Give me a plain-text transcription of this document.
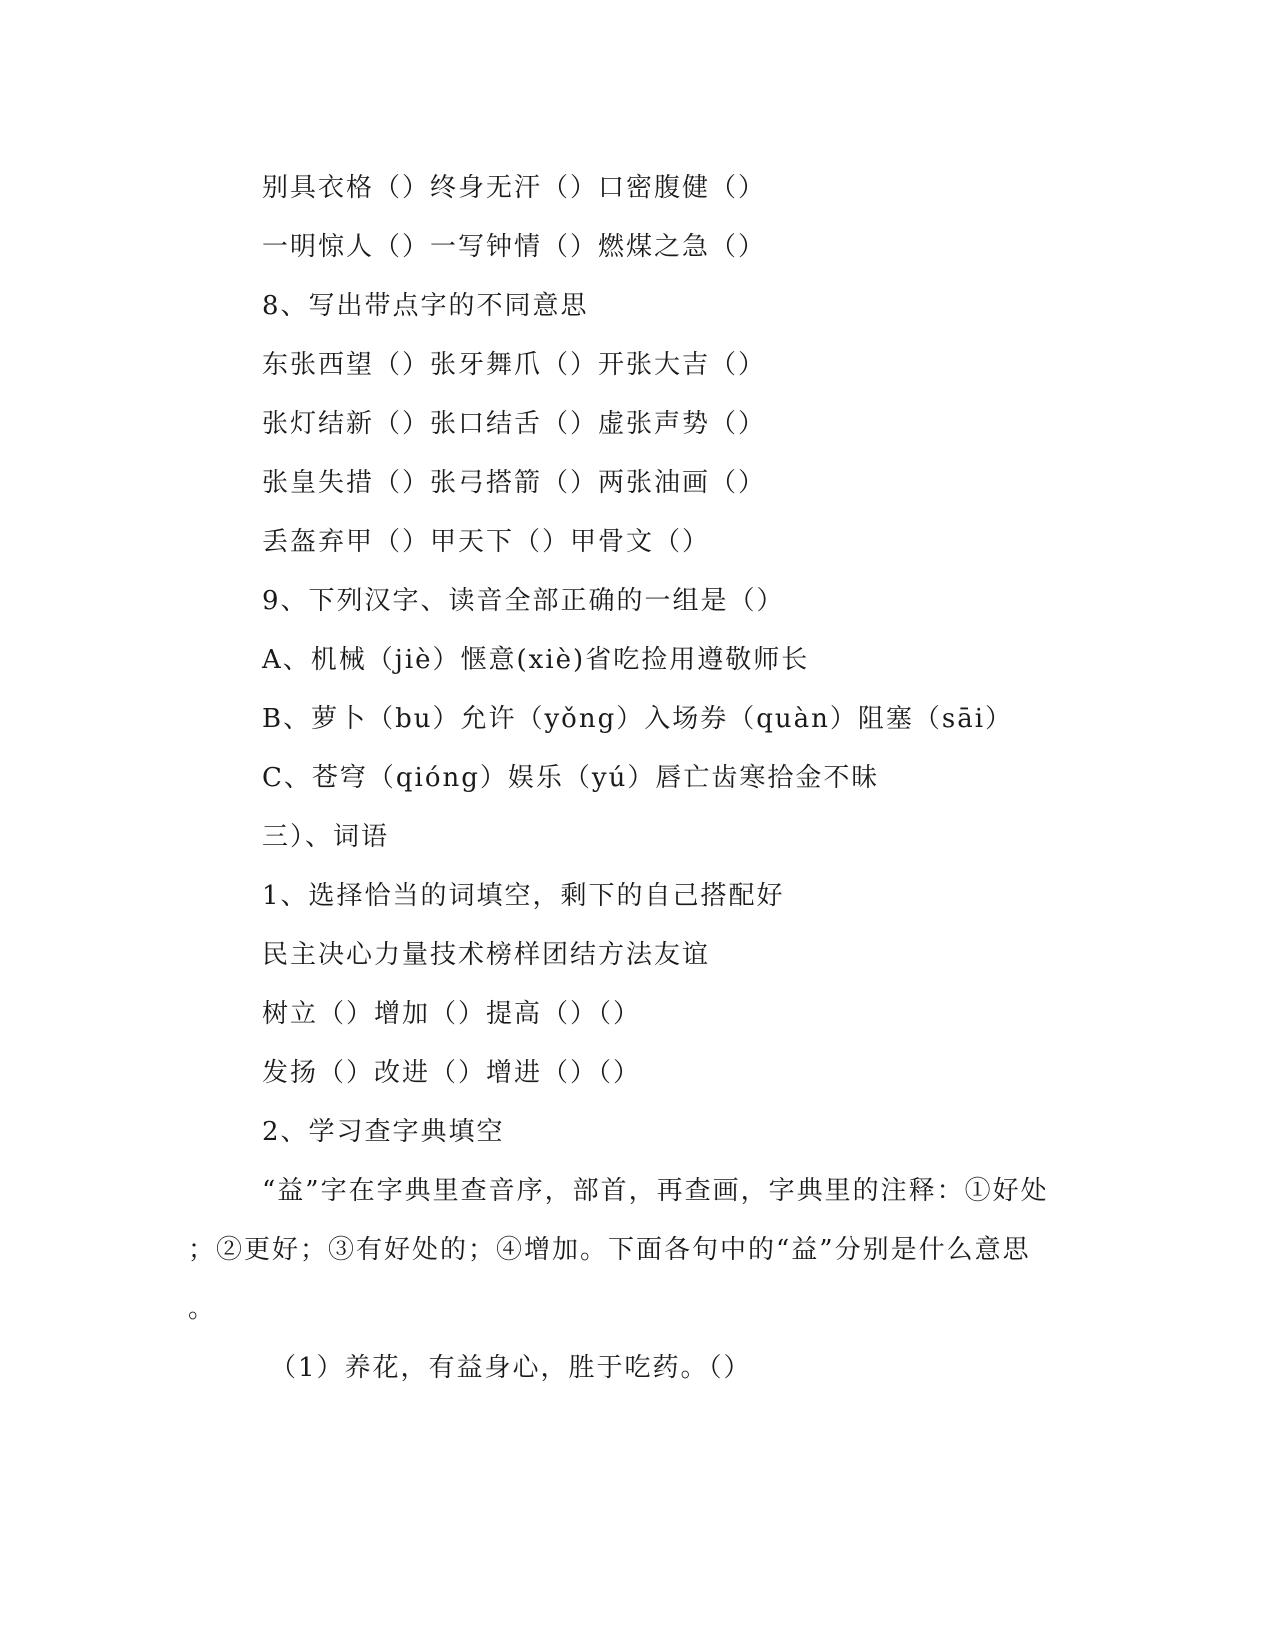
别具衣格（）终身无汗（）口密腹健（）
一明惊人（）一写钟情（）燃煤之急（）
8、写出带点字的不同意思
东张西望（）张牙舞爪（）开张大吉（）
张灯结新（）张口结舌（）虚张声势（）
张皇失措（）张弓搭箭（）两张油画（）
丢盔弃甲（）甲天下（）甲骨文（）
9、下列汉字、读音全部正确的一组是（）
A、机械（jiè）惬意(xiè)省吃捡用遵敬师长
B、萝卜（bu）允许（yǒng）入场券（quàn）阻塞（sāi）
C、苍穹（qióng）娱乐（yú）唇亡齿寒拾金不昧
三）、词语
1、选择恰当的词填空，剩下的自己搭配好
民主决心力量技术榜样团结方法友谊
树立（）增加（）提高（）（）
发扬（）改进（）增进（）（）
2、学习查字典填空
“益”字在字典里查音序，部首，再查画，字典里的注释：①好处
；②更好；③有好处的；④增加。下面各句中的“益”分别是什么意思
。
（1）养花，有益身心，胜于吃药。（）
